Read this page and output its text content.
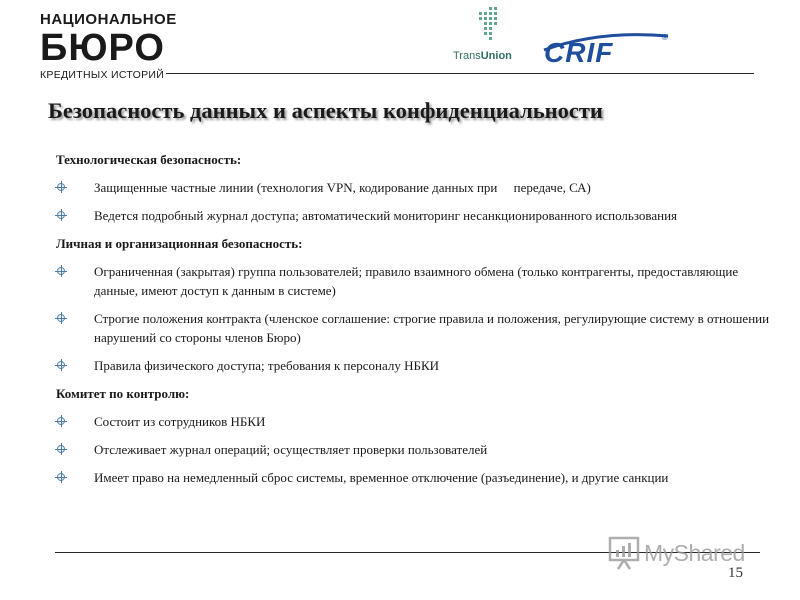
НАЦИОНАЛЬНОЕ
БЮРО
КРЕДИТНЫХ ИСТОРИЙ
TransUnion CRIF	®
Безопасность данных и аспекты конфиденциальности
Технологическая безопасность:
Защищенные частные линии (технология VPN, кодирование данных при     передаче, СА)
Ведется подробный журнал доступа; автоматический мониторинг несанкционированного использования
Личная и организационная безопасность:
Ограниченная (закрытая) группа пользователей; правило взаимного обмена (только контрагенты, предоставляющие данные, имеют доступ к данным в системе)
Строгие положения контракта (членское соглашение: строгие правила и положения, регулирующие систему в отношении нарушений со стороны членов Бюро)
Правила физического доступа; требования к персоналу НБКИ
Комитет по контролю:
Состоит из сотрудников НБКИ
Отслеживает журнал операций; осуществляет проверки пользователей
Имеет право на немедленный сброс системы, временное отключение (разъединение), и другие санкции
MyShared
15
